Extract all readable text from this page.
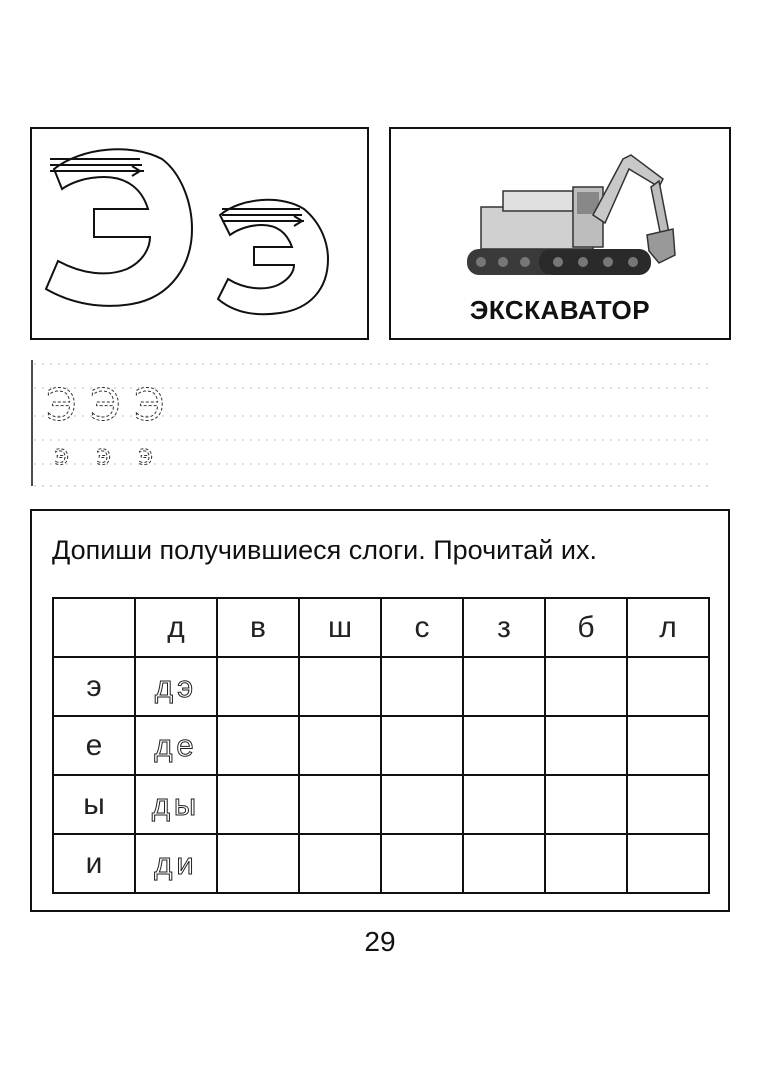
ЭКСКАВАТОР
Э Э Э
э э э
Допиши получившиеся слоги. Прочитай их.
	д	в	ш	с	з	б	л
э	дэ						
е	де						
ы	ды						
и	ди						
29
